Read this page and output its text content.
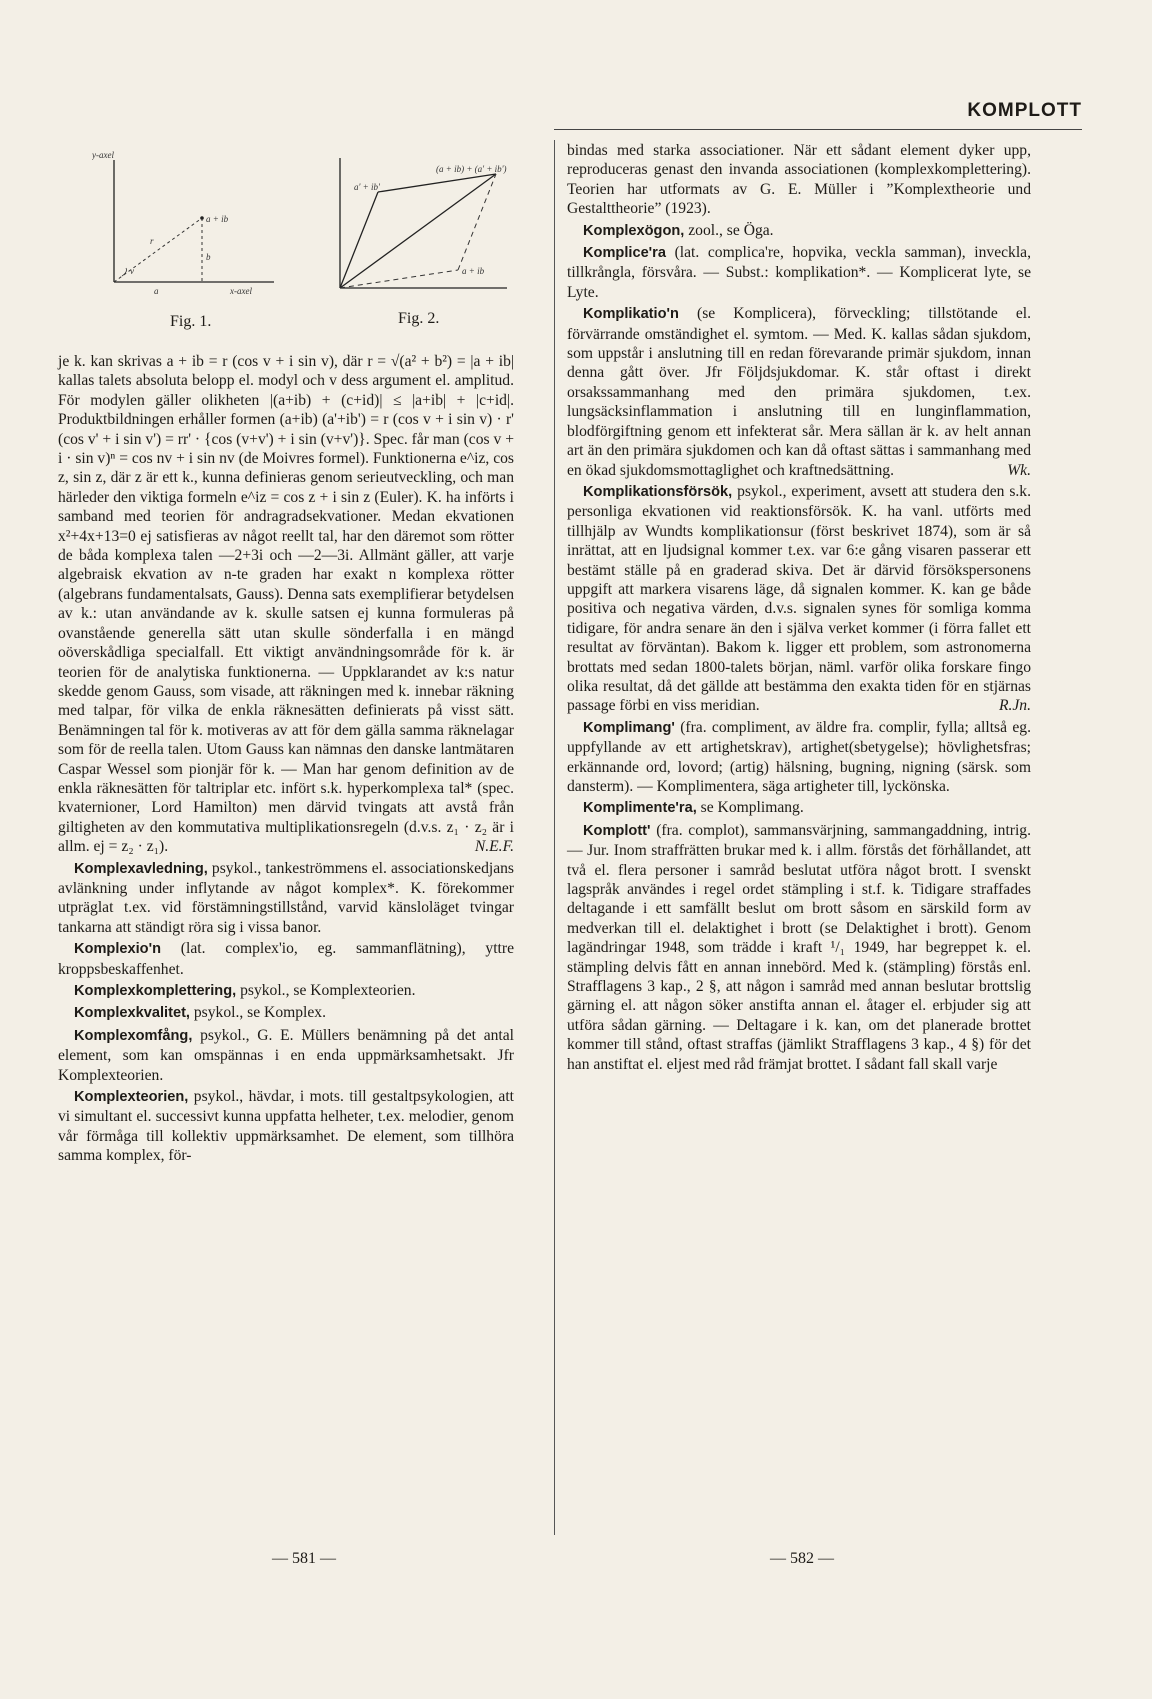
KOMPLOTT
y-axel
x-axel
a + ib
r
v
a
b
Fig. 1.
(a + ib) + (a' + ib')
a' + ib'
a + ib
Fig. 2.

je k. kan skrivas a + ib = r (cos v + i sin v), där r = √(a² + b²) = |a + ib| kallas talets absoluta belopp el. modyl och v dess argument el. amplitud. För modylen gäller olikheten |(a+ib) + (c+id)| ≤ |a+ib| + |c+id|. Produktbildningen erhåller formen (a+ib) (a'+ib') = r (cos v + i sin v) · r' (cos v' + i sin v') = rr' · {cos (v+v') + i sin (v+v')}. Spec. får man (cos v + i · sin v)ⁿ = cos nv + i sin nv (de Moivres formel). Funktionerna e^iz, cos z, sin z, där z är ett k., kunna definieras genom serieutveckling, och man härleder den viktiga formeln e^iz = cos z + i sin z (Euler). K. ha införts i samband med teorien för andragradsekvationer. Medan ekvationen x²+4x+13=0 ej satisfieras av något reellt tal, har den däremot som rötter de båda komplexa talen —2+3i och —2—3i. Allmänt gäller, att varje algebraisk ekvation av n-te graden har exakt n komplexa rötter (algebrans fundamentalsats, Gauss). Denna sats exemplifierar betydelsen av k.: utan användande av k. skulle satsen ej kunna formuleras på ovanstående generella sätt utan skulle sönderfalla i en mängd oöverskådliga specialfall. Ett viktigt användningsområde för k. är teorien för de analytiska funktionerna. — Uppklarandet av k:s natur skedde genom Gauss, som visade, att räkningen med k. innebar räkning med talpar, för vilka de enkla räknesätten definierats på visst sätt. Benämningen tal för k. motiveras av att för dem gälla samma räknelagar som för de reella talen. Utom Gauss kan nämnas den danske lantmätaren Caspar Wessel som pionjär för k. — Man har genom definition av de enkla räknesätten för taltriplar etc. infört s.k. hyperkomplexa tal* (spec. kvaternioner, Lord Hamilton) men därvid tvingats att avstå från giltigheten av den kommutativa multiplikationsregeln (d.v.s. z₁ · z₂ är i allm. ej = z₂ · z₁).	N.E.F.

Komplexavledning, psykol., tankeströmmens el. associationskedjans avlänkning under inflytande av något komplex*. K. förekommer utpräglat t.ex. vid förstämningstillstånd, varvid känsloläget tvingar tankarna att ständigt röra sig i vissa banor.

Komplexio'n (lat. complex'io, eg. sammanflätning), yttre kroppsbeskaffenhet.

Komplexkomplettering, psykol., se Komplexteorien.

Komplexkvalitet, psykol., se Komplex.

Komplexomfång, psykol., G. E. Müllers benämning på det antal element, som kan omspännas i en enda uppmärksamhetsakt. Jfr Komplexteorien.

Komplexteorien, psykol., hävdar, i mots. till gestaltpsykologien, att vi simultant el. successivt kunna uppfatta helheter, t.ex. melodier, genom vår förmåga till kollektiv uppmärksamhet. De element, som tillhöra samma komplex, för-

bindas med starka associationer. När ett sådant element dyker upp, reproduceras genast den invanda associationen (komplexkomplettering). Teorien har utformats av G. E. Müller i ”Komplextheorie und Gestalttheorie” (1923).

Komplexögon, zool., se Öga.

Komplice'ra (lat. complica're, hopvika, veckla samman), inveckla, tillkrångla, försvåra. — Subst.: komplikation*. — Komplicerat lyte, se Lyte.

Komplikatio'n (se Komplicera), förveckling; tillstötande el. förvärrande omständighet el. symtom. — Med. K. kallas sådan sjukdom, som uppstår i anslutning till en redan förevarande primär sjukdom, innan denna gått över. Jfr Följdsjukdomar. K. står oftast i direkt orsakssammanhang med den primära sjukdomen, t.ex. lungsäcksinflammation i anslutning till en lunginflammation, blodförgiftning genom ett infekterat sår. Mera sällan är k. av helt annan art än den primära sjukdomen och kan då oftast sättas i sammanhang med en ökad sjukdomsmottaglighet och kraftnedsättning.	Wk.

Komplikationsförsök, psykol., experiment, avsett att studera den s.k. personliga ekvationen vid reaktionsförsök. K. ha vanl. utförts med tillhjälp av Wundts komplikationsur (först beskrivet 1874), som är så inrättat, att en ljudsignal kommer t.ex. var 6:e gång visaren passerar ett bestämt ställe på en graderad skiva. Det är därvid försökspersonens uppgift att markera visarens läge, då signalen kommer. K. kan ge både positiva och negativa värden, d.v.s. signalen synes för somliga komma tidigare, för andra senare än den i själva verket kommer (i förra fallet ett resultat av förväntan). Bakom k. ligger ett problem, som astronomerna brottats med sedan 1800-talets början, näml. varför olika forskare fingo olika resultat, då det gällde att bestämma den exakta tiden för en stjärnas passage förbi en viss meridian.	R.Jn.

Komplimang' (fra. compliment, av äldre fra. complir, fylla; alltså eg. uppfyllande av ett artighetskrav), artighet(sbetygelse); hövlighetsfras; erkännande ord, lovord; (artig) hälsning, bugning, nigning (särsk. som dansterm). — Komplimentera, säga artigheter till, lyckönska.

Komplimente'ra, se Komplimang.

Komplott' (fra. complot), sammansvärjning, sammangaddning, intrig. — Jur. Inom straffrätten brukar med k. i allm. förstås det förhållandet, att två el. flera personer i samråd beslutat utföra något brott. I svenskt lagspråk användes i regel ordet stämpling i st.f. k. Tidigare straffades deltagande i ett samfällt beslut om brott såsom en särskild form av medverkan till el. delaktighet i brott (se Delaktighet i brott). Genom lagändringar 1948, som trädde i kraft ¹/₁ 1949, har begreppet k. el. stämpling delvis fått en annan innebörd. Med k. (stämpling) förstås enl. Strafflagens 3 kap., 2 §, att någon i samråd med annan beslutar brottslig gärning el. att någon söker anstifta annan el. åtager el. erbjuder sig att utföra sådan gärning. — Deltagare i k. kan, om det planerade brottet kommer till stånd, oftast straffas (jämlikt Strafflagens 3 kap., 4 §) för det han anstiftat el. eljest med råd främjat brottet. I sådant fall skall varje

— 581 —	— 582 —
